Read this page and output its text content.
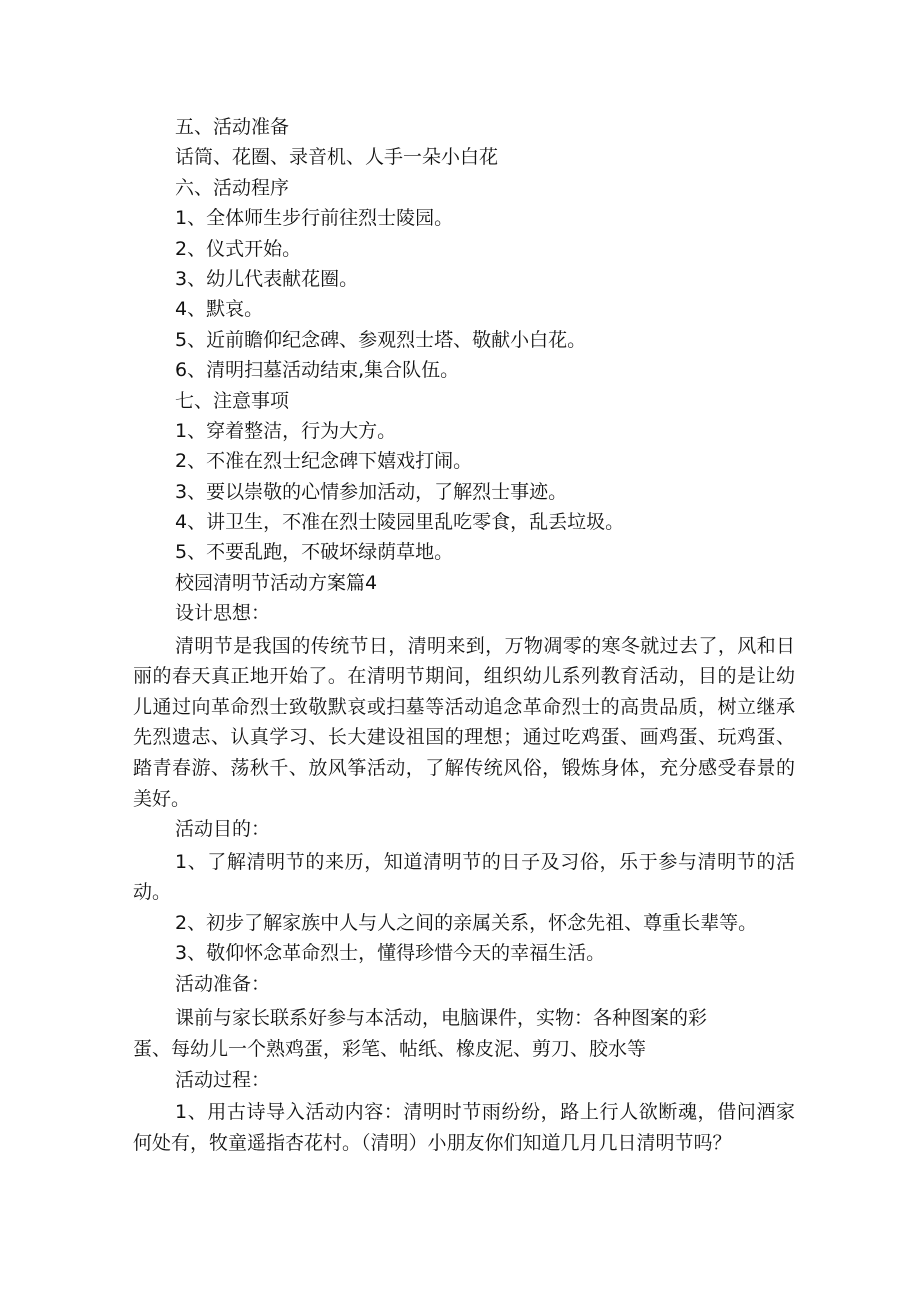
五、活动准备
话筒、花圈、录音机、人手一朵小白花
六、活动程序
1、全体师生步行前往烈士陵园。
2、仪式开始。
3、幼儿代表献花圈。
4、默哀。
5、近前瞻仰纪念碑、参观烈士塔、敬献小白花。
6、清明扫墓活动结束,集合队伍。
七、注意事项
1、穿着整洁，行为大方。
2、不准在烈士纪念碑下嬉戏打闹。
3、要以崇敬的心情参加活动，了解烈士事迹。
4、讲卫生，不准在烈士陵园里乱吃零食，乱丢垃圾。
5、不要乱跑，不破坏绿荫草地。
校园清明节活动方案篇4
设计思想：

清明节是我国的传统节日，清明来到，万物凋零的寒冬就过去了，风和日丽的春天真正地开始了。在清明节期间，组织幼儿系列教育活动，目的是让幼儿通过向革命烈士致敬默哀或扫墓等活动追念革命烈士的高贵品质，树立继承先烈遗志、认真学习、长大建设祖国的理想；通过吃鸡蛋、画鸡蛋、玩鸡蛋、踏青春游、荡秋千、放风筝活动，了解传统风俗，锻炼身体，充分感受春景的美好。

活动目的：

1、了解清明节的来历，知道清明节的日子及习俗，乐于参与清明节的活动。

2、初步了解家族中人与人之间的亲属关系，怀念先祖、尊重长辈等。

3、敬仰怀念革命烈士，懂得珍惜今天的幸福生活。

活动准备：
课前与家长联系好参与本活动，电脑课件，实物：各种图案的彩
蛋、每幼儿一个熟鸡蛋，彩笔、帖纸、橡皮泥、剪刀、胶水等
活动过程：

1、用古诗导入活动内容：清明时节雨纷纷，路上行人欲断魂，借问酒家何处有，牧童遥指杏花村。（清明）小朋友你们知道几月几日清明节吗？
